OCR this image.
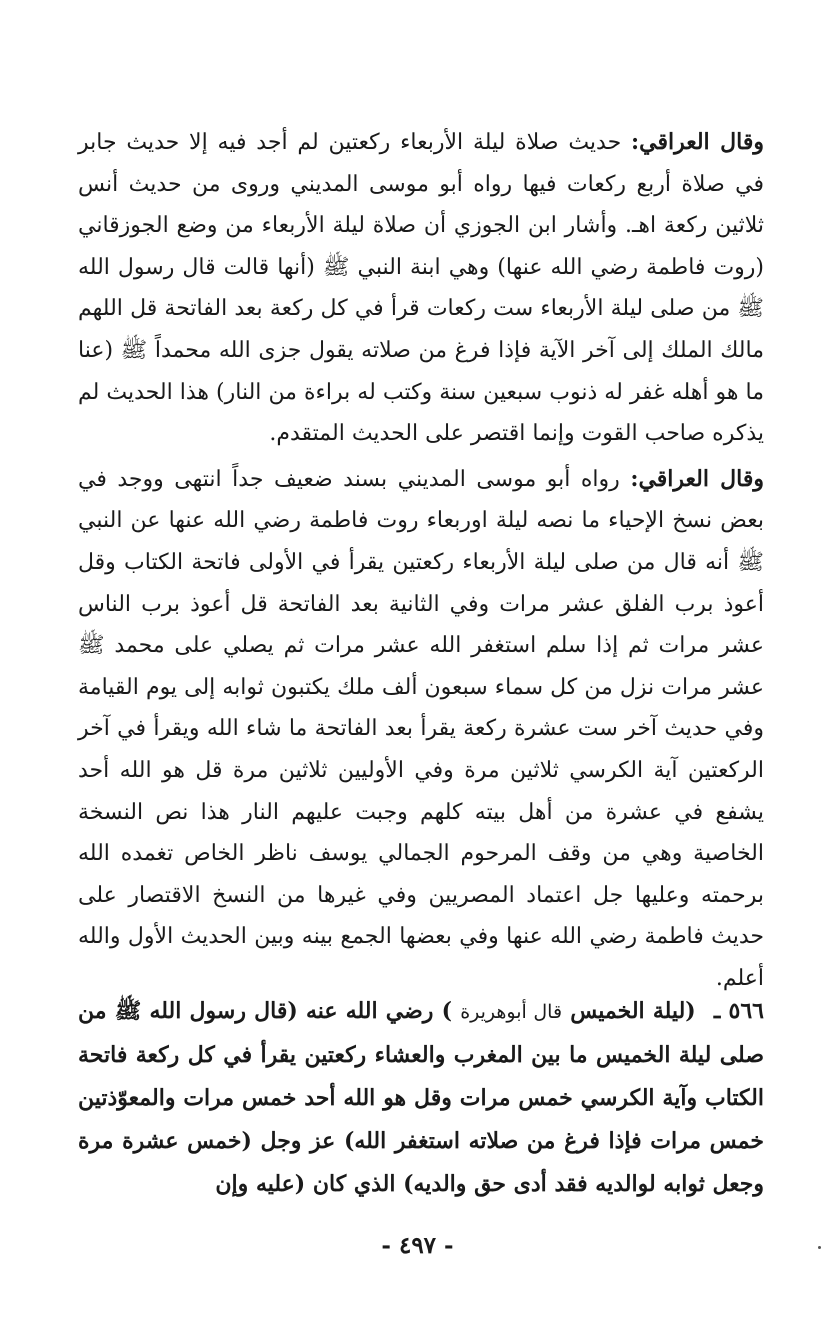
وقال العراقي: حديث صلاة ليلة الأربعاء ركعتين لم أجد فيه إلا حديث جابر في صلاة أربع ركعات فيها رواه أبو موسى المديني وروى من حديث أنس ثلاثين ركعة اهـ. وأشار ابن الجوزي أن صلاة ليلة الأربعاء من وضع الجوزقاني (روت فاطمة رضي الله عنها) وهي ابنة النبي ﷺ (أنها قالت قال رسول الله ﷺ من صلى ليلة الأربعاء ست ركعات قرأ في كل ركعة بعد الفاتحة قل اللهم مالك الملك إلى آخر الآية فإذا فرغ من صلاته يقول جزى الله محمداً ﷺ (عنا ما هو أهله غفر له ذنوب سبعين سنة وكتب له براءة من النار) هذا الحديث لم يذكره صاحب القوت وإنما اقتصر على الحديث المتقدم.

وقال العراقي: رواه أبو موسى المديني بسند ضعيف جداً انتهى ووجد في بعض نسخ الإحياء ما نصه ليلة اوربعاء روت فاطمة رضي الله عنها عن النبي ﷺ أنه قال من صلى ليلة الأربعاء ركعتين يقرأ في الأولى فاتحة الكتاب وقل أعوذ برب الفلق عشر مرات وفي الثانية بعد الفاتحة قل أعوذ برب الناس عشر مرات ثم إذا سلم استغفر الله عشر مرات ثم يصلي على محمد ﷺ عشر مرات نزل من كل سماء سبعون ألف ملك يكتبون ثوابه إلى يوم القيامة وفي حديث آخر ست عشرة ركعة يقرأ بعد الفاتحة ما شاء الله ويقرأ في آخر الركعتين آية الكرسي ثلاثين مرة وفي الأوليين ثلاثين مرة قل هو الله أحد يشفع في عشرة من أهل بيته كلهم وجبت عليهم النار هذا نص النسخة الخاصية وهي من وقف المرحوم الجمالي يوسف ناظر الخاص تغمده الله برحمته وعليها جل اعتماد المصريين وفي غيرها من النسخ الاقتصار على حديث فاطمة رضي الله عنها وفي بعضها الجمع بينه وبين الحديث الأول والله أعلم.

٥٦٦ ـ (ليلة الخميس قال أبوهريرة ) رضي الله عنه (قال رسول الله ﷺ من صلى ليلة الخميس ما بين المغرب والعشاء ركعتين يقرأ في كل ركعة فاتحة الكتاب وآية الكرسي خمس مرات وقل هو الله أحد خمس مرات والمعوّذتين خمس مرات فإذا فرغ من صلاته استغفر الله) عز وجل (خمس عشرة مرة وجعل ثوابه لوالديه فقد أدى حق والديه) الذي كان (عليه وإن

- ٤٩٧ -
